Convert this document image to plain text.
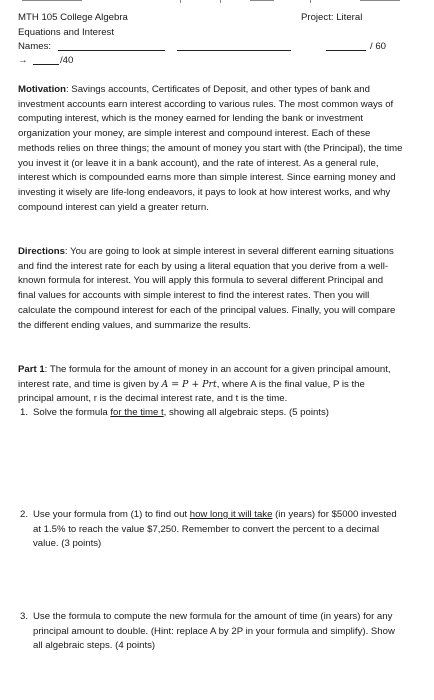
MTH 105 College Algebra	Project: Literal
Equations and Interest
Names:	/ 60
→	/40
Motivation: Savings accounts, Certificates of Deposit, and other types of bank and investment accounts earn interest according to various rules. The most common ways of computing interest, which is the money earned for lending the bank or investment organization your money, are simple interest and compound interest. Each of these methods relies on three things; the amount of money you start with (the Principal), the time you invest it (or leave it in a bank account), and the rate of interest. As a general rule, interest which is compounded earns more than simple interest. Since earning money and investing it wisely are life-long endeavors, it pays to look at how interest works, and why compound interest can yield a greater return.
Directions: You are going to look at simple interest in several different earning situations and find the interest rate for each by using a literal equation that you derive from a well-known formula for interest. You will apply this formula to several different Principal and final values for accounts with simple interest to find the interest rates. Then you will calculate the compound interest for each of the principal values. Finally, you will compare the different ending values, and summarize the results.
Part 1: The formula for the amount of money in an account for a given principal amount, interest rate, and time is given by A = P + Prt, where A is the final value, P is the principal amount, r is the decimal interest rate, and t is the time.
1. Solve the formula for the time t, showing all algebraic steps. (5 points)
2. Use your formula from (1) to find out how long it will take (in years) for $5000 invested at 1.5% to reach the value $7,250. Remember to convert the percent to a decimal value. (3 points)
3. Use the formula to compute the new formula for the amount of time (in years) for any principal amount to double. (Hint: replace A by 2P in your formula and simplify). Show all algebraic steps. (4 points)
